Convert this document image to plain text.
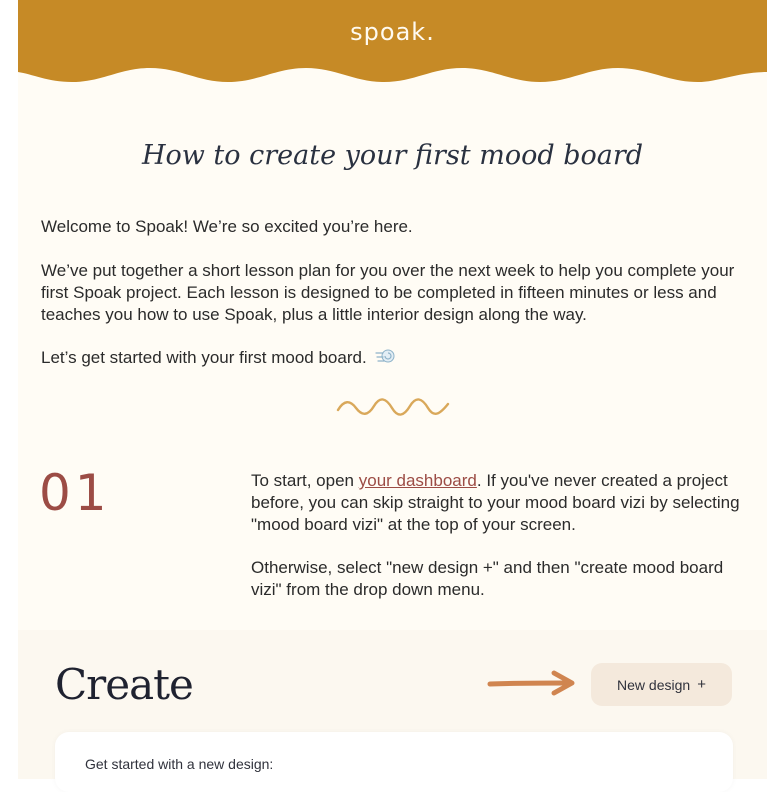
spoak.
How to create your first mood board
Welcome to Spoak! We’re so excited you’re here.
We’ve put together a short lesson plan for you over the next week to help you complete your first Spoak project. Each lesson is designed to be completed in fifteen minutes or less and teaches you how to use Spoak, plus a little interior design along the way.
Let’s get started with your first mood board.
01	To start, open your dashboard. If you've never created a project before, you can skip straight to your mood board vizi by selecting "mood board vizi" at the top of your screen.
Otherwise, select "new design +" and then "create mood board vizi" from the drop down menu.
Create	New design +
Get started with a new design:
